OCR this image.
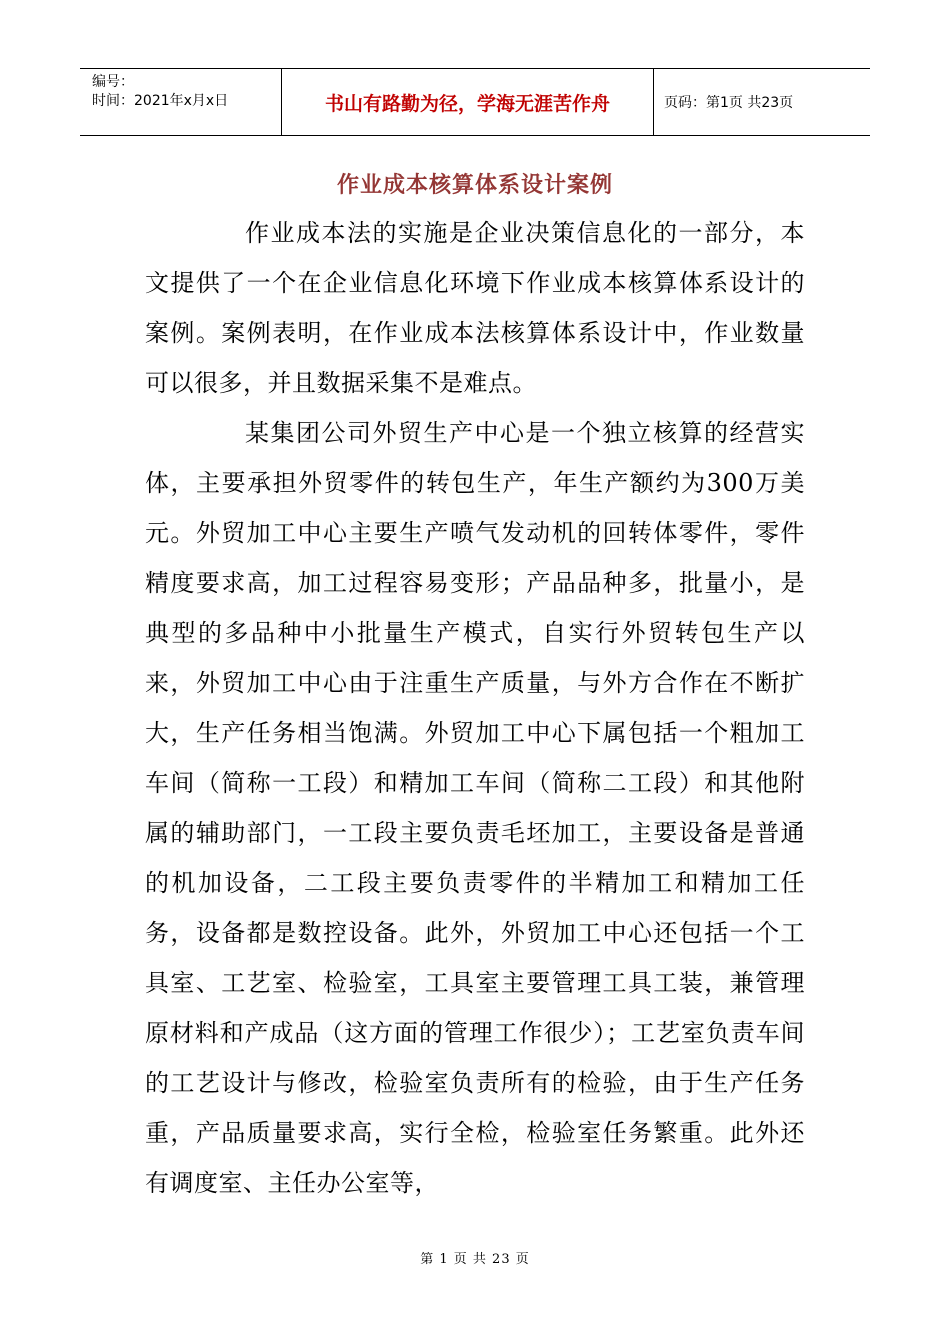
编号：
时间：2021年x月x日	书山有路勤为径，学海无涯苦作舟	页码：第1页 共23页
作业成本核算体系设计案例

作业成本法的实施是企业决策信息化的一部分，本文提供了一个在企业信息化环境下作业成本核算体系设计的案例。案例表明，在作业成本法核算体系设计中，作业数量可以很多，并且数据采集不是难点。

某集团公司外贸生产中心是一个独立核算的经营实体，主要承担外贸零件的转包生产，年生产额约为300万美元。外贸加工中心主要生产喷气发动机的回转体零件，零件精度要求高，加工过程容易变形；产品品种多，批量小，是典型的多品种中小批量生产模式，自实行外贸转包生产以来，外贸加工中心由于注重生产质量，与外方合作在不断扩大，生产任务相当饱满。外贸加工中心下属包括一个粗加工车间（简称一工段）和精加工车间（简称二工段）和其他附属的辅助部门，一工段主要负责毛坯加工，主要设备是普通的机加设备，二工段主要负责零件的半精加工和精加工任务，设备都是数控设备。此外，外贸加工中心还包括一个工具室、工艺室、检验室，工具室主要管理工具工装，兼管理原材料和产成品（这方面的管理工作很少）；工艺室负责车间的工艺设计与修改，检验室负责所有的检验，由于生产任务重，产品质量要求高，实行全检，检验室任务繁重。此外还有调度室、主任办公室等，

第 1 页 共 23 页
